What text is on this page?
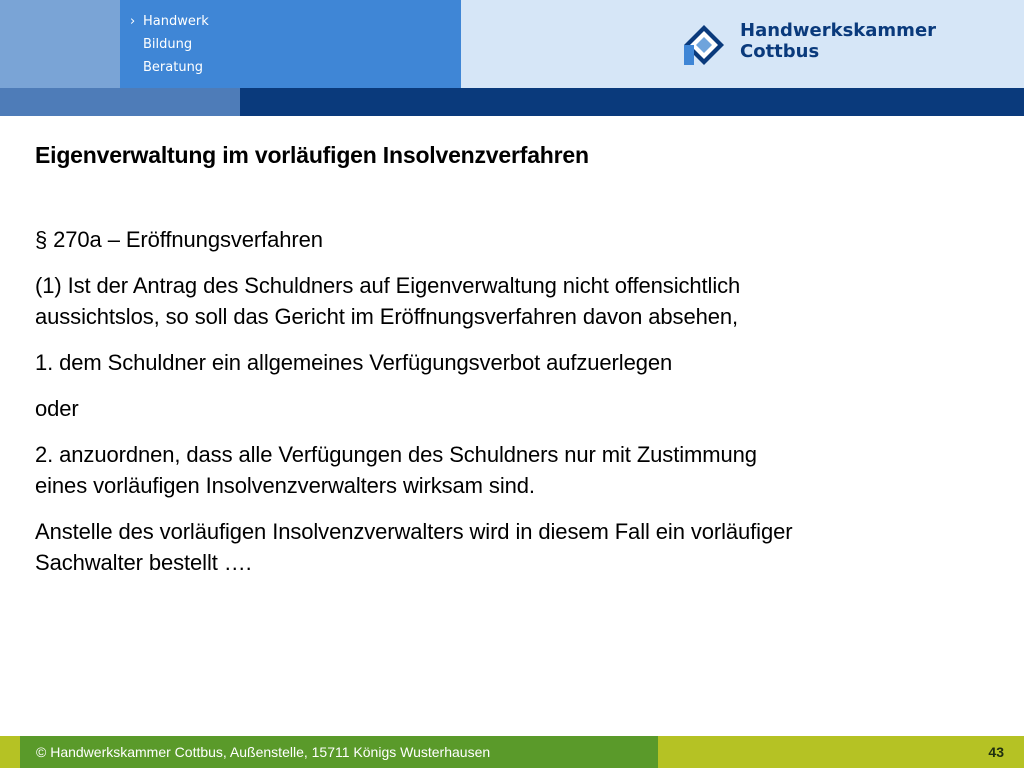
› Handwerk
Bildung
Beratung
Handwerkskammer
Cottbus
Eigenverwaltung im vorläufigen Insolvenzverfahren

§ 270a – Eröffnungsverfahren

(1) Ist der Antrag des Schuldners auf Eigenverwaltung nicht offensichtlich
aussichtslos, so soll das Gericht im Eröffnungsverfahren davon absehen,

1. dem Schuldner ein allgemeines Verfügungsverbot aufzuerlegen

oder

2. anzuordnen, dass alle Verfügungen des Schuldners nur mit Zustimmung
eines vorläufigen Insolvenzverwalters wirksam sind.

Anstelle des vorläufigen Insolvenzverwalters wird in diesem Fall ein vorläufiger
Sachwalter bestellt ….

© Handwerkskammer Cottbus, Außenstelle, 15711 Königs Wusterhausen	43
